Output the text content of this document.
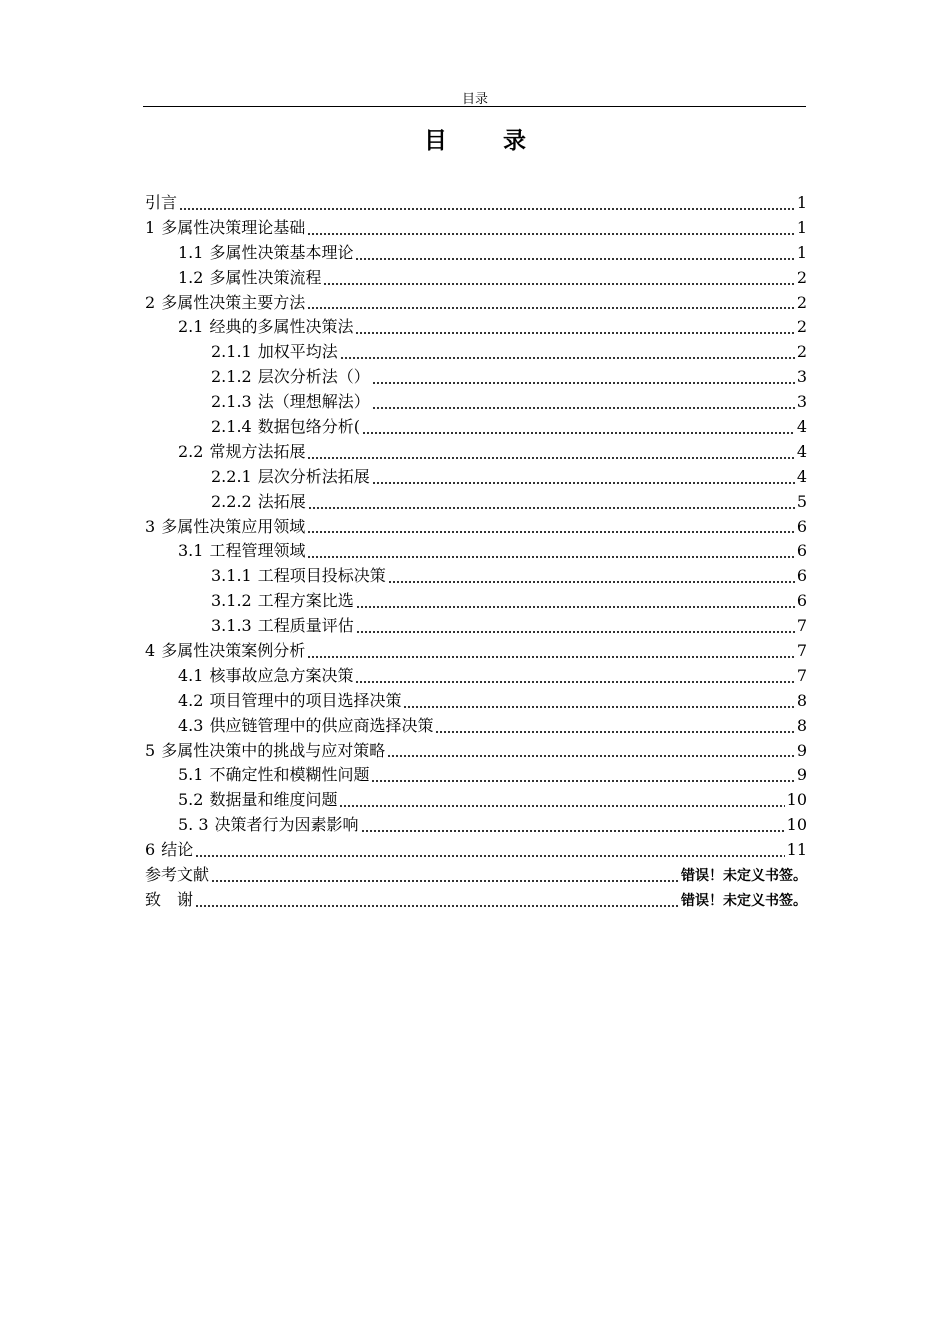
目录
目 录
引言	1
1 多属性决策理论基础	1
1.1 多属性决策基本理论	1
1.2 多属性决策流程	2
2 多属性决策主要方法	2
2.1 经典的多属性决策法	2
2.1.1 加权平均法	2
2.1.2 层次分析法（）	3
2.1.3 法（理想解法）	3
2.1.4 数据包络分析(	4
2.2 常规方法拓展	4
2.2.1 层次分析法拓展	4
2.2.2 法拓展	5
3 多属性决策应用领域	6
3.1 工程管理领域	6
3.1.1 工程项目投标决策	6
3.1.2 工程方案比选	6
3.1.3 工程质量评估	7
4 多属性决策案例分析	7
4.1 核事故应急方案决策	7
4.2 项目管理中的项目选择决策	8
4.3 供应链管理中的供应商选择决策	8
5 多属性决策中的挑战与应对策略	9
5.1 不确定性和模糊性问题	9
5.2 数据量和维度问题	10
5. 3 决策者行为因素影响	10
6 结论	11
参考文献	错误！未定义书签。
致　谢	错误！未定义书签。
